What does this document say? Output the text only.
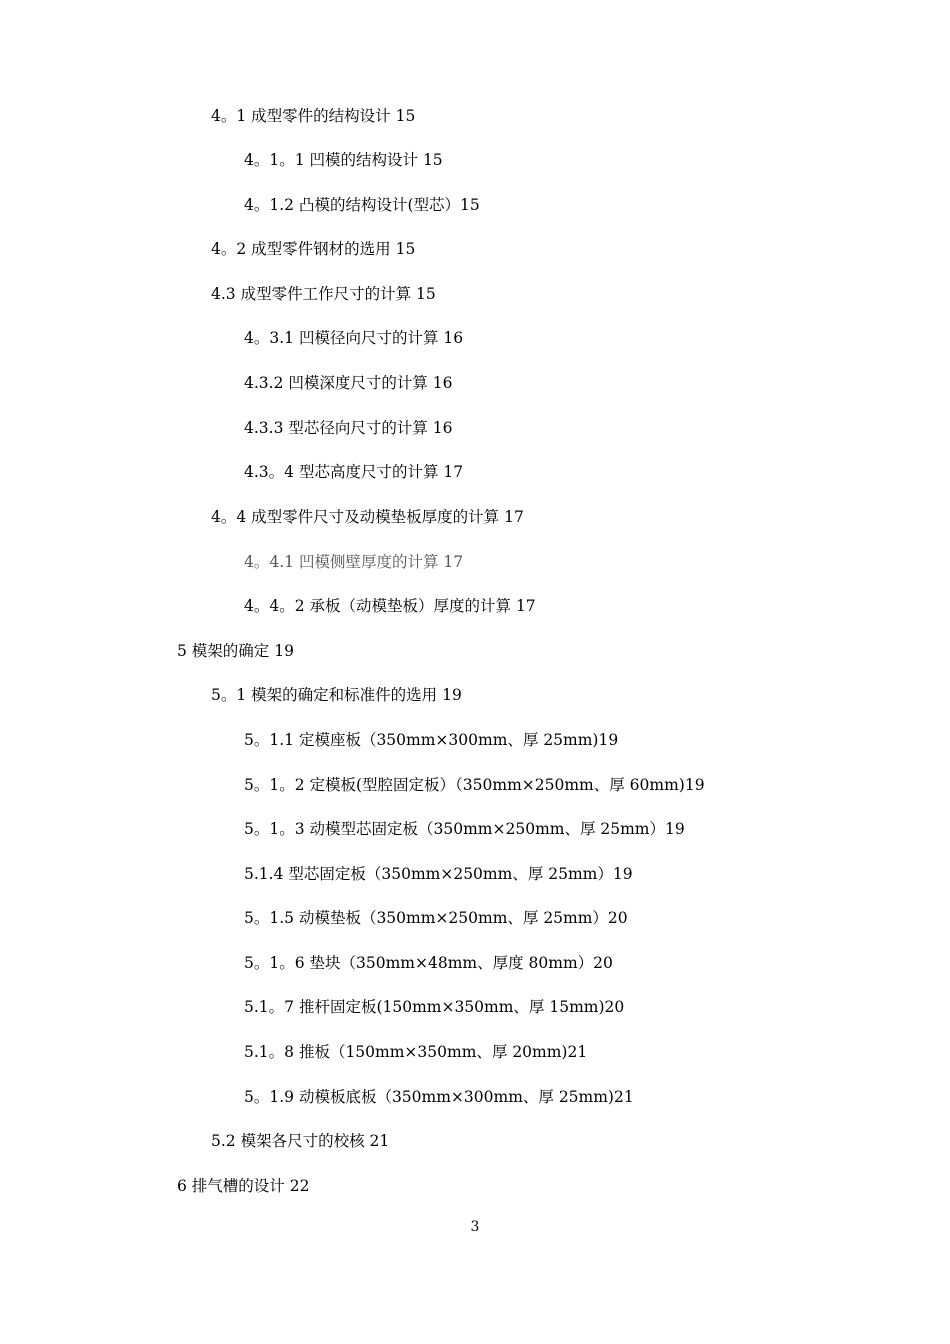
4。1 成型零件的结构设计 15
4。1。1 凹模的结构设计 15
4。1.2 凸模的结构设计(型芯）15
4。2 成型零件钢材的选用 15
4.3 成型零件工作尺寸的计算 15
4。3.1 凹模径向尺寸的计算 16
4.3.2 凹模深度尺寸的计算 16
4.3.3 型芯径向尺寸的计算 16
4.3。4 型芯高度尺寸的计算 17
4。4 成型零件尺寸及动模垫板厚度的计算 17
4。4.1 凹模侧壁厚度的计算 17
4。4。2 承板（动模垫板）厚度的计算 17
5 模架的确定 19
5。1 模架的确定和标准件的选用 19
5。1.1 定模座板（350mm×300mm、厚 25mm)19
5。1。2 定模板(型腔固定板）（350mm×250mm、厚 60mm)19
5。1。3 动模型芯固定板（350mm×250mm、厚 25mm）19
5.1.4 型芯固定板（350mm×250mm、厚 25mm）19
5。1.5 动模垫板（350mm×250mm、厚 25mm）20
5。1。6 垫块（350mm×48mm、厚度 80mm）20
5.1。7 推杆固定板(150mm×350mm、厚 15mm)20
5.1。8 推板（150mm×350mm、厚 20mm)21
5。1.9 动模板底板（350mm×300mm、厚 25mm)21
5.2 模架各尺寸的校核 21
6 排气槽的设计 22
3
